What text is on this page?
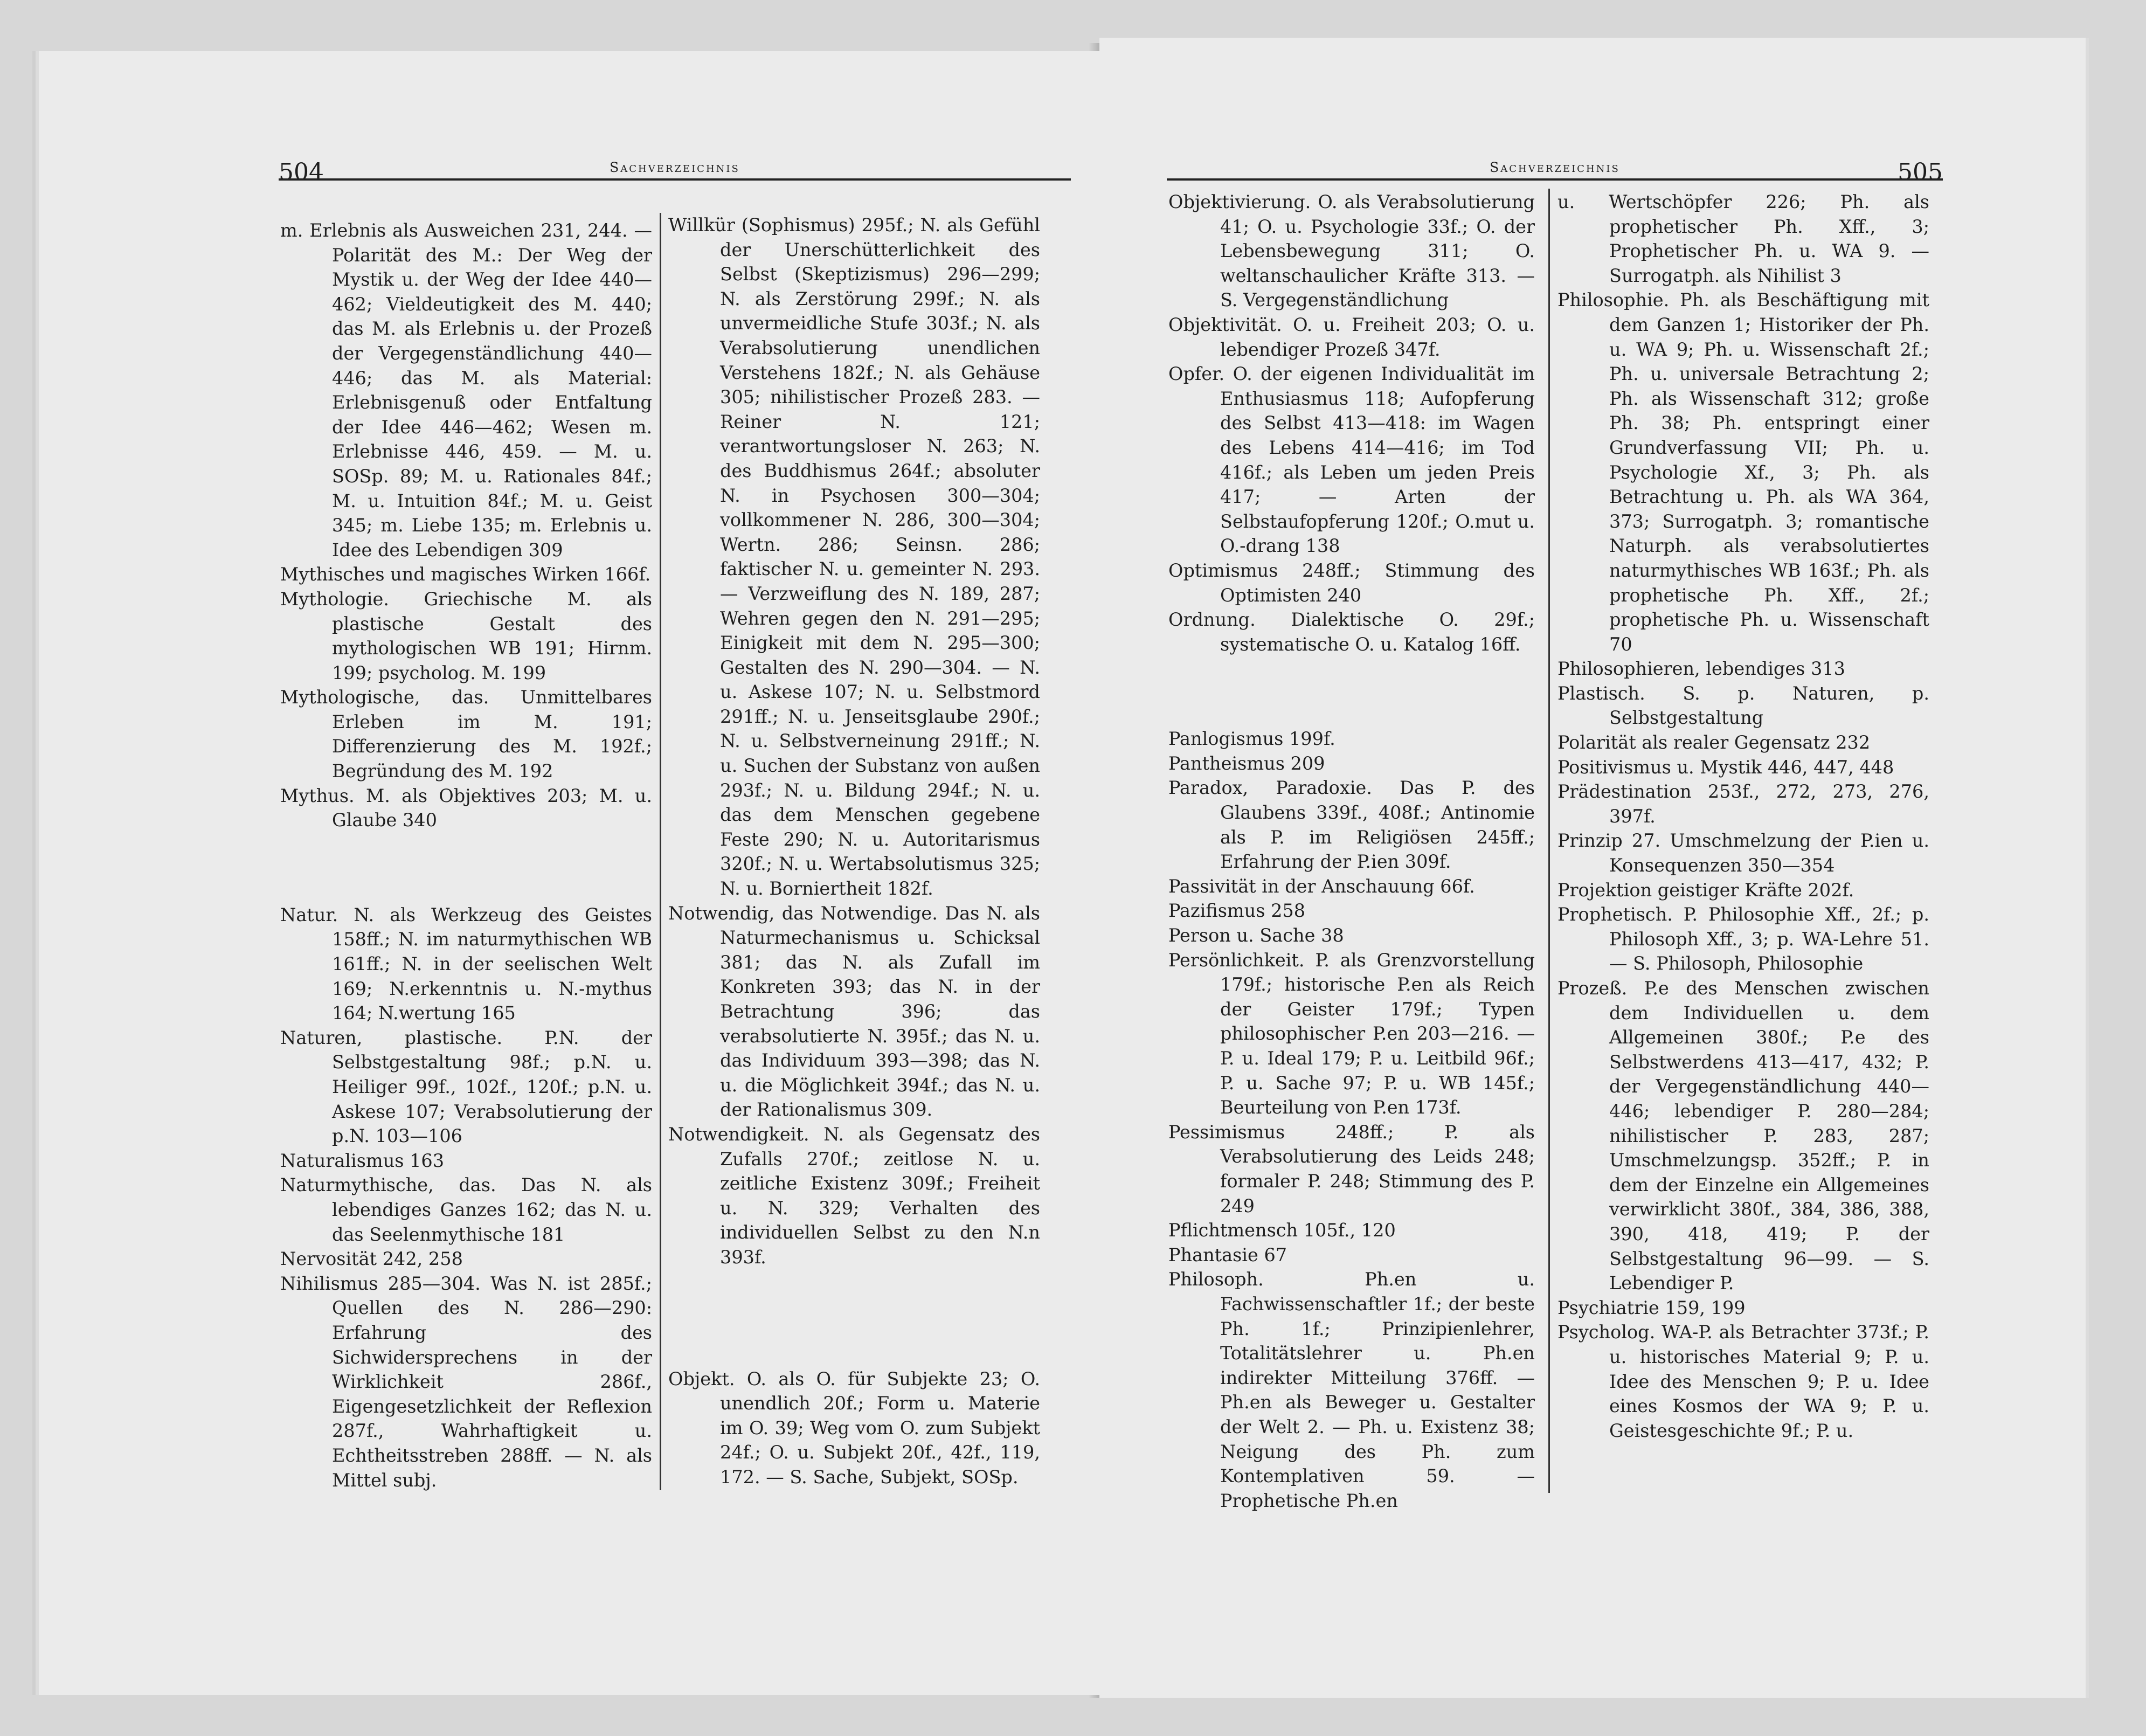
504	Sachverzeichnis

m. Erlebnis als Ausweichen 231, 244. — Polarität des M.: Der Weg der Mystik u. der Weg der Idee 440—462; Vieldeutigkeit des M. 440; das M. als Erlebnis u. der Prozeß der Vergegenständlichung 440—446; das M. als Material: Erlebnisgenuß oder Entfaltung der Idee 446—462; Wesen m. Erlebnisse 446, 459. — M. u. SOSp. 89; M. u. Rationales 84f.; M. u. Intuition 84f.; M. u. Geist 345; m. Liebe 135; m. Erlebnis u. Idee des Lebendigen 309

Mythisches und magisches Wirken 166f.

Mythologie. Griechische M. als plastische Gestalt des mythologischen WB 191; Hirnm. 199; psycholog. M. 199

Mythologische, das. Unmittelbares Erleben im M. 191; Differenzierung des M. 192f.; Begründung des M. 192

Mythus. M. als Objektives 203; M. u. Glaube 340

Natur. N. als Werkzeug des Geistes 158ff.; N. im naturmythischen WB 161ff.; N. in der seelischen Welt 169; N.erkenntnis u. N.-mythus 164; N.wertung 165

Naturen, plastische. P.N. der Selbstgestaltung 98f.; p.N. u. Heiliger 99f., 102f., 120f.; p.N. u. Askese 107; Verabsolutierung der p.N. 103—106

Naturalismus 163

Naturmythische, das. Das N. als lebendiges Ganzes 162; das N. u. das Seelenmythische 181

Nervosität 242, 258

Nihilismus 285—304. Was N. ist 285f.; Quellen des N. 286—290: Erfahrung des Sichwidersprechens in der Wirklichkeit 286f., Eigengesetzlichkeit der Reflexion 287f., Wahrhaftigkeit u. Echtheitsstreben 288ff. — N. als Mittel subj.

Willkür (Sophismus) 295f.; N. als Gefühl der Unerschütterlichkeit des Selbst (Skeptizismus) 296—299; N. als Zerstörung 299f.; N. als unvermeidliche Stufe 303f.; N. als Verabsolutierung unendlichen Verstehens 182f.; N. als Gehäuse 305; nihilistischer Prozeß 283. — Reiner N. 121; verantwortungsloser N. 263; N. des Buddhismus 264f.; absoluter N. in Psychosen 300—304; vollkommener N. 286, 300—304; Wertn. 286; Seinsn. 286; faktischer N. u. gemeinter N. 293. — Verzweiflung des N. 189, 287; Wehren gegen den N. 291—295; Einigkeit mit dem N. 295—300; Gestalten des N. 290—304. — N. u. Askese 107; N. u. Selbstmord 291ff.; N. u. Jenseitsglaube 290f.; N. u. Selbstverneinung 291ff.; N. u. Suchen der Substanz von außen 293f.; N. u. Bildung 294f.; N. u. das dem Menschen gegebene Feste 290; N. u. Autoritarismus 320f.; N. u. Wertabsolutismus 325; N. u. Borniertheit 182f.

Notwendig, das Notwendige. Das N. als Naturmechanismus u. Schicksal 381; das N. als Zufall im Konkreten 393; das N. in der Betrachtung 396; das verabsolutierte N. 395f.; das N. u. das Individuum 393—398; das N. u. die Möglichkeit 394f.; das N. u. der Rationalismus 309.

Notwendigkeit. N. als Gegensatz des Zufalls 270f.; zeitlose N. u. zeitliche Existenz 309f.; Freiheit u. N. 329; Verhalten des individuellen Selbst zu den N.n 393f.

Objekt. O. als O. für Subjekte 23; O. unendlich 20f.; Form u. Materie im O. 39; Weg vom O. zum Subjekt 24f.; O. u. Subjekt 20f., 42f., 119, 172. — S. Sache, Subjekt, SOSp.

Sachverzeichnis	505

Objektivierung. O. als Verabsolutierung 41; O. u. Psychologie 33f.; O. der Lebensbewegung 311; O. weltanschaulicher Kräfte 313. — S. Vergegenständlichung

Objektivität. O. u. Freiheit 203; O. u. lebendiger Prozeß 347f.

Opfer. O. der eigenen Individualität im Enthusiasmus 118; Aufopferung des Selbst 413—418: im Wagen des Lebens 414—416; im Tod 416f.; als Leben um jeden Preis 417; — Arten der Selbstaufopferung 120f.; O.mut u. O.-drang 138

Optimismus 248ff.; Stimmung des Optimisten 240

Ordnung. Dialektische O. 29f.; systematische O. u. Katalog 16ff.

Panlogismus 199f.

Pantheismus 209

Paradox, Paradoxie. Das P. des Glaubens 339f., 408f.; Antinomie als P. im Religiösen 245ff.; Erfahrung der P.ien 309f.

Passivität in der Anschauung 66f.

Pazifismus 258

Person u. Sache 38

Persönlichkeit. P. als Grenzvorstellung 179f.; historische P.en als Reich der Geister 179f.; Typen philosophischer P.en 203—216. — P. u. Ideal 179; P. u. Leitbild 96f.; P. u. Sache 97; P. u. WB 145f.; Beurteilung von P.en 173f.

Pessimismus 248ff.; P. als Verabsolutierung des Leids 248; formaler P. 248; Stimmung des P. 249

Pflichtmensch 105f., 120

Phantasie 67

Philosoph. Ph.en u. Fachwissenschaftler 1f.; der beste Ph. 1f.; Prinzipienlehrer, Totalitätslehrer u. Ph.en indirekter Mitteilung 376ff. — Ph.en als Beweger u. Gestalter der Welt 2. — Ph. u. Existenz 38; Neigung des Ph. zum Kontemplativen 59. — Prophetische Ph.en

u. Wertschöpfer 226; Ph. als prophetischer Ph. Xff., 3; Prophetischer Ph. u. WA 9. — Surrogatph. als Nihilist 3

Philosophie. Ph. als Beschäftigung mit dem Ganzen 1; Historiker der Ph. u. WA 9; Ph. u. Wissenschaft 2f.; Ph. u. universale Betrachtung 2; Ph. als Wissenschaft 312; große Ph. 38; Ph. entspringt einer Grundverfassung VII; Ph. u. Psychologie Xf., 3; Ph. als Betrachtung u. Ph. als WA 364, 373; Surrogatph. 3; romantische Naturph. als verabsolutiertes naturmythisches WB 163f.; Ph. als prophetische Ph. Xff., 2f.; prophetische Ph. u. Wissenschaft 70

Philosophieren, lebendiges 313

Plastisch. S. p. Naturen, p. Selbstgestaltung

Polarität als realer Gegensatz 232

Positivismus u. Mystik 446, 447, 448

Prädestination 253f., 272, 273, 276, 397f.

Prinzip 27. Umschmelzung der P.ien u. Konsequenzen 350—354

Projektion geistiger Kräfte 202f.

Prophetisch. P. Philosophie Xff., 2f.; p. Philosoph Xff., 3; p. WA-Lehre 51. — S. Philosoph, Philosophie

Prozeß. P.e des Menschen zwischen dem Individuellen u. dem Allgemeinen 380f.; P.e des Selbstwerdens 413—417, 432; P. der Vergegenständlichung 440—446; lebendiger P. 280—284; nihilistischer P. 283, 287; Umschmelzungsp. 352ff.; P. in dem der Einzelne ein Allgemeines verwirklicht 380f., 384, 386, 388, 390, 418, 419; P. der Selbstgestaltung 96—99. — S. Lebendiger P.

Psychiatrie 159, 199

Psycholog. WA-P. als Betrachter 373f.; P. u. historisches Material 9; P. u. Idee des Menschen 9; P. u. Idee eines Kosmos der WA 9; P. u. Geistesgeschichte 9f.; P. u.
